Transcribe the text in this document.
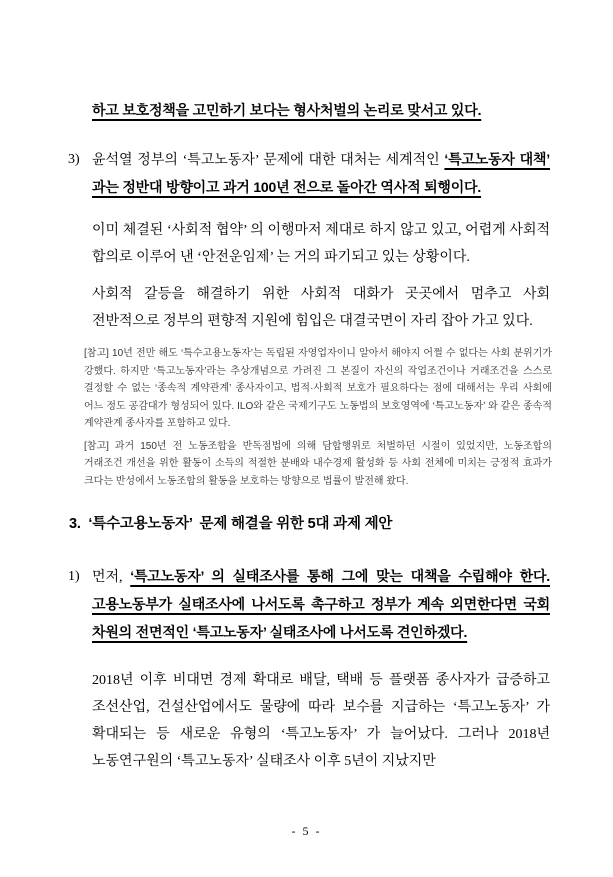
하고 보호정책을 고민하기 보다는 형사처벌의 논리로 맞서고 있다.

3) 윤석열 정부의 ‘특고노동자’ 문제에 대한 대처는 세계적인 ‘특고노동자 대책’ 과는 정반대 방향이고 과거 100년 전으로 돌아간 역사적 퇴행이다.

이미 체결된 ‘사회적 협약’ 의 이행마저 제대로 하지 않고 있고, 어렵게 사회적 합의로 이루어 낸 ‘안전운임제’ 는 거의 파기되고 있는 상황이다.

사회적 갈등을 해결하기 위한 사회적 대화가 곳곳에서 멈추고 사회 전반적으로 정부의 편향적 지원에 힘입은 대결국면이 자리 잡아 가고 있다.

[참고] 10년 전만 해도 ‘특수고용노동자’는 독립된 자영업자이니 알아서 해야지 어쩔 수 없다는 사회 분위기가 강했다. 하지만 ‘특고노동자’라는 추상개념으로 가려진 그 본질이 자신의 작업조건이나 거래조건을 스스로 결정할 수 없는 ‘종속적 계약관계’ 종사자이고, 법적·사회적 보호가 필요하다는 점에 대해서는 우리 사회에 어느 정도 공감대가 형성되어 있다. ILO와 같은 국제기구도 노동법의 보호영역에 ‘특고노동자’ 와 같은 종속적 계약관계 종사자를 포함하고 있다.

[참고] 과거 150년 전 노동조합을 반독점법에 의해 담합행위로 처벌하던 시절이 있었지만, 노동조합의 거래조건 개선을 위한 활동이 소득의 적절한 분배와 내수경제 활성화 등 사회 전체에 미치는 긍정적 효과가 크다는 반성에서 노동조합의 활동을 보호하는 방향으로 법률이 발전해 왔다.

3.  ‘특수고용노동자’  문제 해결을 위한 5대 과제 제안
1) 먼저, ‘특고노동자’ 의 실태조사를 통해 그에 맞는 대책을 수립해야 한다. 고용노동부가 실태조사에 나서도록 촉구하고 정부가 계속 외면한다면 국회 차원의 전면적인 ‘특고노동자’ 실태조사에 나서도록 견인하겠다.

2018년 이후 비대면 경제 확대로 배달, 택배 등 플랫폼 종사자가 급증하고 조선산업, 건설산업에서도 물량에 따라 보수를 지급하는 ‘특고노동자’ 가 확대되는 등 새로운 유형의 ‘특고노동자’ 가 늘어났다. 그러나 2018년 노동연구원의 ‘특고노동자’ 실태조사 이후 5년이 지났지만

- 5 -
